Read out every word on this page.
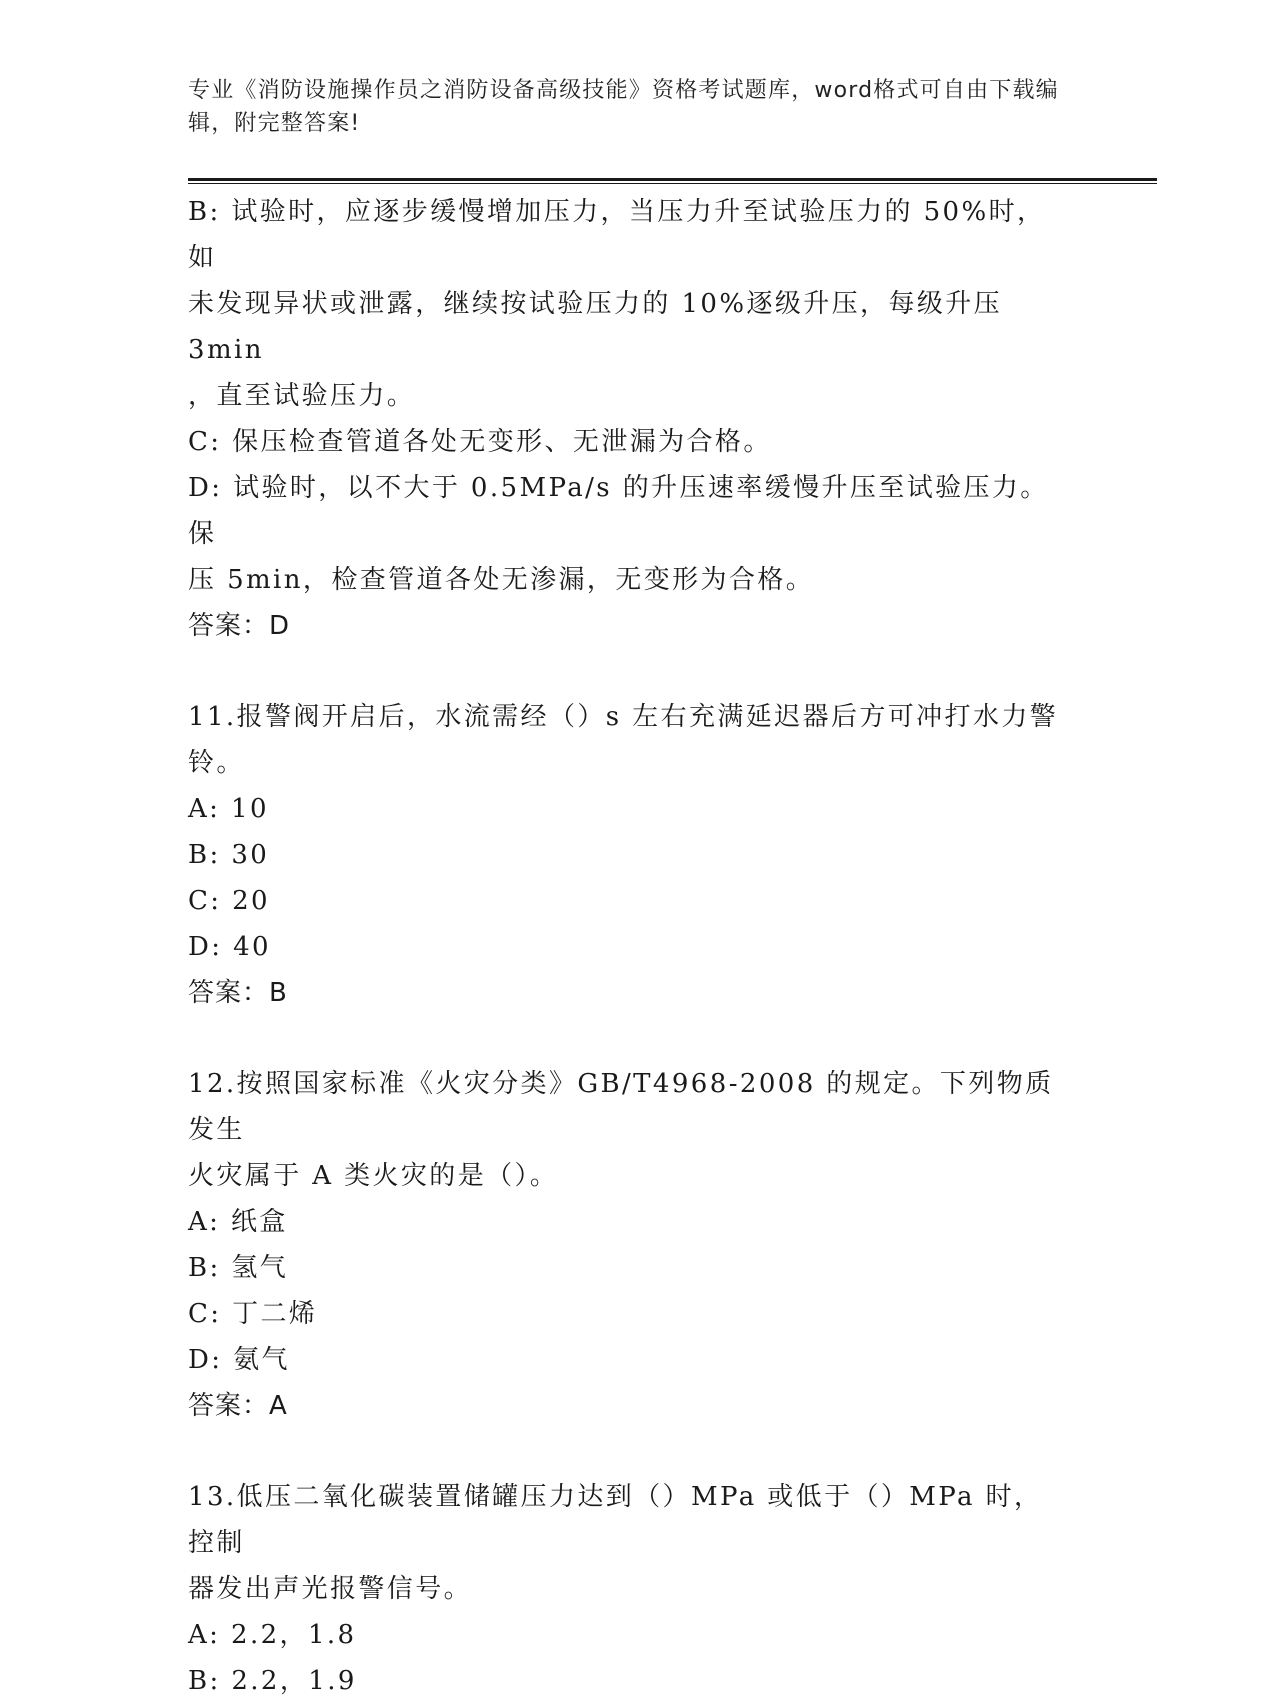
专业《消防设施操作员之消防设备高级技能》资格考试题库，word格式可自由下载编辑，附完整答案!
B: 试验时，应逐步缓慢增加压力，当压力升至试验压力的 50%时，如
未发现异状或泄露，继续按试验压力的 10%逐级升压，每级升压 3min
，直至试验压力。
C: 保压检查管道各处无变形、无泄漏为合格。
D: 试验时，以不大于 0.5MPa/s 的升压速率缓慢升压至试验压力。保
压 5min，检查管道各处无渗漏，无变形为合格。
答案：D
11.报警阀开启后，水流需经（）s 左右充满延迟器后方可冲打水力警
铃。
A: 10
B: 30
C: 20
D: 40
答案：B
12.按照国家标准《火灾分类》GB/T4968-2008 的规定。下列物质发生
火灾属于 A 类火灾的是（）。
A: 纸盒
B: 氢气
C: 丁二烯
D: 氨气
答案：A
13.低压二氧化碳装置储罐压力达到（）MPa 或低于（）MPa 时，控制
器发出声光报警信号。
A: 2.2，1.8
B: 2.2，1.9
